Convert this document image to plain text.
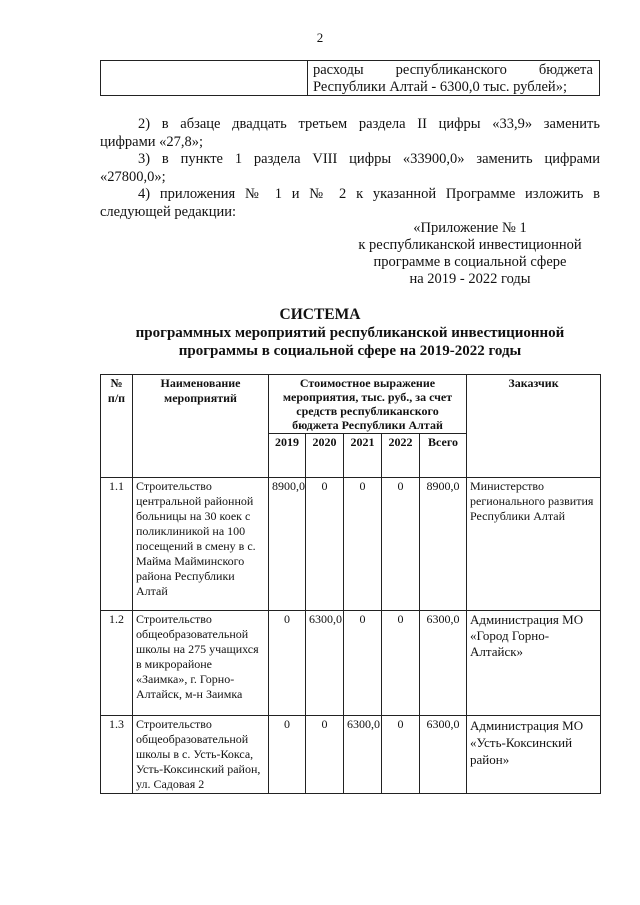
2
расходы республиканского бюджета
Республики Алтай - 6300,0 тыс. рублей»;
2) в абзаце двадцать третьем раздела II цифры «33,9» заменить
цифрами «27,8»;
3) в пункте 1 раздела VIII цифры «33900,0» заменить цифрами
«27800,0»;
4) приложения № 1 и № 2 к указанной Программе изложить в
следующей редакции:
«Приложение № 1
к республиканской инвестиционной
программе в социальной сфере
на 2019 - 2022 годы
СИСТЕМА
программных мероприятий республиканской инвестиционной
программы в социальной сфере на 2019-2022 годы
№ п/п	Наименование мероприятий	Стоимостное выражение мероприятия, тыс. руб., за счет средств республиканского бюджета Республики Алтай					Заказчик
		2019	2020	2021	2022	Всего	
1.1	Строительство центральной районной больницы на 30 коек с поликлиникой на 100 посещений в смену в с. Майма Майминского района Республики Алтай	8900,0	0	0	0	8900,0	Министерство регионального развития Республики Алтай
1.2	Строительство общеобразовательной школы на 275 учащихся в микрорайоне «Заимка», г. Горно-Алтайск, м-н Заимка	0	6300,0	0	0	6300,0	Администрация МО «Город Горно-Алтайск»
1.3	Строительство общеобразовательной школы в с. Усть-Кокса, Усть-Коксинский район, ул. Садовая 2	0	0	6300,0	0	6300,0	Администрация МО «Усть-Коксинский район»
